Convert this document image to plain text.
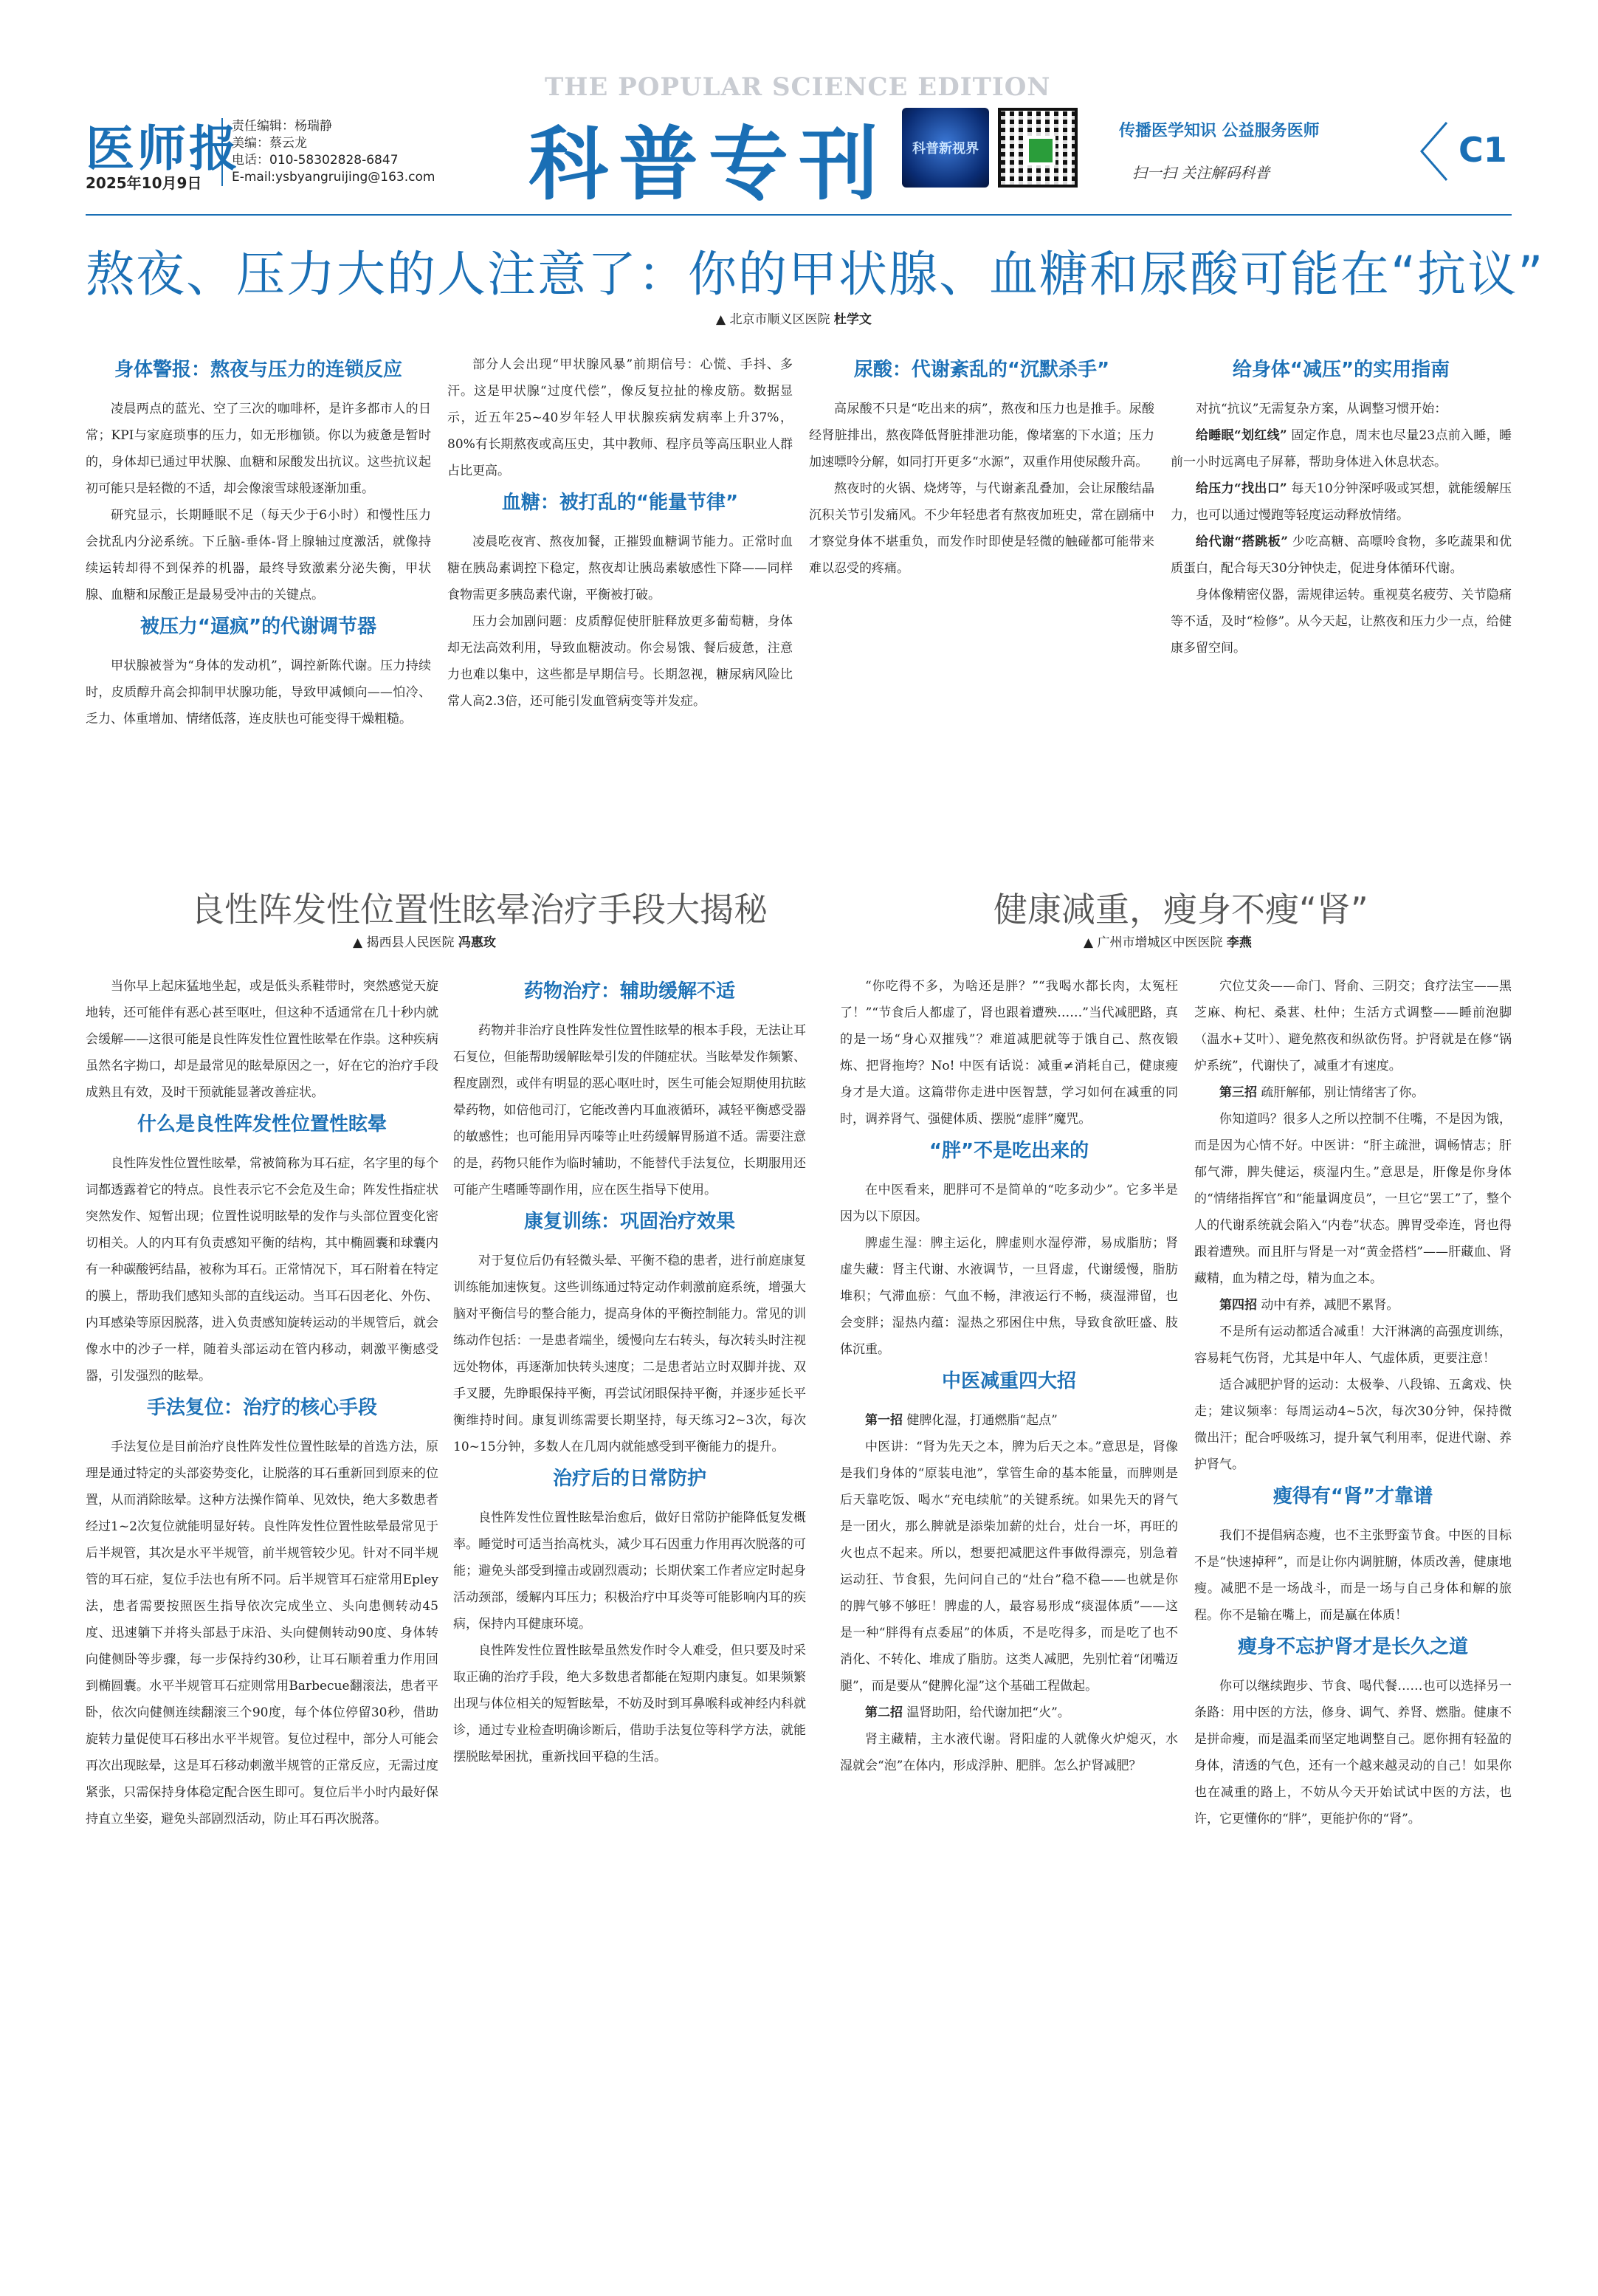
医师报
2025年10月9日
责任编辑：杨瑞静
美编：蔡云龙
电话：010-58302828-6847
E-mail:ysbyangruijing@163.com
THE POPULAR SCIENCE EDITION
科普专刊 科普新视界
传播医学知识 公益服务医师
扫一扫 关注解码科普
C1
熬夜、压力大的人注意了：你的甲状腺、血糖和尿酸可能在“抗议”
▲ 北京市顺义区医院 杜学文
身体警报：熬夜与压力的连锁反应

凌晨两点的蓝光、空了三次的咖啡杯，是许多都市人的日常；KPI与家庭琐事的压力，如无形枷锁。你以为疲惫是暂时的，身体却已通过甲状腺、血糖和尿酸发出抗议。这些抗议起初可能只是轻微的不适，却会像滚雪球般逐渐加重。

研究显示，长期睡眠不足（每天少于6小时）和慢性压力会扰乱内分泌系统。下丘脑-垂体-肾上腺轴过度激活，就像持续运转却得不到保养的机器，最终导致激素分泌失衡，甲状腺、血糖和尿酸正是最易受冲击的关键点。

被压力“逼疯”的代谢调节器

甲状腺被誉为“身体的发动机”，调控新陈代谢。压力持续时，皮质醇升高会抑制甲状腺功能，导致甲减倾向——怕冷、乏力、体重增加、情绪低落，连皮肤也可能变得干燥粗糙。

部分人会出现“甲状腺风暴”前期信号：心慌、手抖、多汗。这是甲状腺“过度代偿”，像反复拉扯的橡皮筋。数据显示，近五年25~40岁年轻人甲状腺疾病发病率上升37%，80%有长期熬夜或高压史，其中教师、程序员等高压职业人群占比更高。

血糖：被打乱的“能量节律”

凌晨吃夜宵、熬夜加餐，正摧毁血糖调节能力。正常时血糖在胰岛素调控下稳定，熬夜却让胰岛素敏感性下降——同样食物需更多胰岛素代谢，平衡被打破。

压力会加剧问题：皮质醇促使肝脏释放更多葡萄糖，身体却无法高效利用，导致血糖波动。你会易饿、餐后疲惫，注意力也难以集中，这些都是早期信号。长期忽视，糖尿病风险比常人高2.3倍，还可能引发血管病变等并发症。

尿酸：代谢紊乱的“沉默杀手”

高尿酸不只是“吃出来的病”，熬夜和压力也是推手。尿酸经肾脏排出，熬夜降低肾脏排泄功能，像堵塞的下水道；压力加速嘌呤分解，如同打开更多“水源”，双重作用使尿酸升高。

熬夜时的火锅、烧烤等，与代谢紊乱叠加，会让尿酸结晶沉积关节引发痛风。不少年轻患者有熬夜加班史，常在剧痛中才察觉身体不堪重负，而发作时即使是轻微的触碰都可能带来难以忍受的疼痛。

给身体“减压”的实用指南

对抗“抗议”无需复杂方案，从调整习惯开始：

给睡眠“划红线” 固定作息，周末也尽量23点前入睡，睡前一小时远离电子屏幕，帮助身体进入休息状态。

给压力“找出口” 每天10分钟深呼吸或冥想，就能缓解压力，也可以通过慢跑等轻度运动释放情绪。

给代谢“搭跳板” 少吃高糖、高嘌呤食物，多吃蔬果和优质蛋白，配合每天30分钟快走，促进身体循环代谢。

身体像精密仪器，需规律运转。重视莫名疲劳、关节隐痛等不适，及时“检修”。从今天起，让熬夜和压力少一点，给健康多留空间。

良性阵发性位置性眩晕治疗手段大揭秘
▲ 揭西县人民医院 冯惠玫

当你早上起床猛地坐起，或是低头系鞋带时，突然感觉天旋地转，还可能伴有恶心甚至呕吐，但这种不适通常在几十秒内就会缓解——这很可能是良性阵发性位置性眩晕在作祟。这种疾病虽然名字拗口，却是最常见的眩晕原因之一，好在它的治疗手段成熟且有效，及时干预就能显著改善症状。

什么是良性阵发性位置性眩晕

良性阵发性位置性眩晕，常被简称为耳石症，名字里的每个词都透露着它的特点。良性表示它不会危及生命；阵发性指症状突然发作、短暂出现；位置性说明眩晕的发作与头部位置变化密切相关。人的内耳有负责感知平衡的结构，其中椭圆囊和球囊内有一种碳酸钙结晶，被称为耳石。正常情况下，耳石附着在特定的膜上，帮助我们感知头部的直线运动。当耳石因老化、外伤、内耳感染等原因脱落，进入负责感知旋转运动的半规管后，就会像水中的沙子一样，随着头部运动在管内移动，刺激平衡感受器，引发强烈的眩晕。

手法复位：治疗的核心手段

手法复位是目前治疗良性阵发性位置性眩晕的首选方法，原理是通过特定的头部姿势变化，让脱落的耳石重新回到原来的位置，从而消除眩晕。这种方法操作简单、见效快，绝大多数患者经过1~2次复位就能明显好转。良性阵发性位置性眩晕最常见于后半规管，其次是水平半规管，前半规管较少见。针对不同半规管的耳石症，复位手法也有所不同。后半规管耳石症常用Epley法，患者需要按照医生指导依次完成坐立、头向患侧转动45度、迅速躺下并将头部悬于床沿、头向健侧转动90度、身体转向健侧卧等步骤，每一步保持约30秒，让耳石顺着重力作用回到椭圆囊。水平半规管耳石症则常用Barbecue翻滚法，患者平卧，依次向健侧连续翻滚三个90度，每个体位停留30秒，借助旋转力量促使耳石移出水平半规管。复位过程中，部分人可能会再次出现眩晕，这是耳石移动刺激半规管的正常反应，无需过度紧张，只需保持身体稳定配合医生即可。复位后半小时内最好保持直立坐姿，避免头部剧烈活动，防止耳石再次脱落。

药物治疗：辅助缓解不适

药物并非治疗良性阵发性位置性眩晕的根本手段，无法让耳石复位，但能帮助缓解眩晕引发的伴随症状。当眩晕发作频繁、程度剧烈，或伴有明显的恶心呕吐时，医生可能会短期使用抗眩晕药物，如倍他司汀，它能改善内耳血液循环，减轻平衡感受器的敏感性；也可能用异丙嗪等止吐药缓解胃肠道不适。需要注意的是，药物只能作为临时辅助，不能替代手法复位，长期服用还可能产生嗜睡等副作用，应在医生指导下使用。

康复训练：巩固治疗效果

对于复位后仍有轻微头晕、平衡不稳的患者，进行前庭康复训练能加速恢复。这些训练通过特定动作刺激前庭系统，增强大脑对平衡信号的整合能力，提高身体的平衡控制能力。常见的训练动作包括：一是患者端坐，缓慢向左右转头，每次转头时注视远处物体，再逐渐加快转头速度；二是患者站立时双脚并拢、双手叉腰，先睁眼保持平衡，再尝试闭眼保持平衡，并逐步延长平衡维持时间。康复训练需要长期坚持，每天练习2~3次，每次10~15分钟，多数人在几周内就能感受到平衡能力的提升。

治疗后的日常防护

良性阵发性位置性眩晕治愈后，做好日常防护能降低复发概率。睡觉时可适当抬高枕头，减少耳石因重力作用再次脱落的可能；避免头部受到撞击或剧烈震动；长期伏案工作者应定时起身活动颈部，缓解内耳压力；积极治疗中耳炎等可能影响内耳的疾病，保持内耳健康环境。

良性阵发性位置性眩晕虽然发作时令人难受，但只要及时采取正确的治疗手段，绝大多数患者都能在短期内康复。如果频繁出现与体位相关的短暂眩晕，不妨及时到耳鼻喉科或神经内科就诊，通过专业检查明确诊断后，借助手法复位等科学方法，就能摆脱眩晕困扰，重新找回平稳的生活。

健康减重，瘦身不瘦“肾”
▲ 广州市增城区中医医院 李燕

“你吃得不多，为啥还是胖？”“我喝水都长肉，太冤枉了！”“节食后人都虚了，肾也跟着遭殃……”当代减肥路，真的是一场“身心双摧残”？难道减肥就等于饿自己、熬夜锻炼、把肾拖垮？No! 中医有话说：减重≠消耗自己，健康瘦身才是大道。这篇带你走进中医智慧，学习如何在减重的同时，调养肾气、强健体质、摆脱“虚胖”魔咒。

“胖”不是吃出来的

在中医看来，肥胖可不是简单的“吃多动少”。它多半是因为以下原因。

脾虚生湿：脾主运化，脾虚则水湿停滞，易成脂肪；肾虚失藏：肾主代谢、水液调节，一旦肾虚，代谢缓慢，脂肪堆积；气滞血瘀：气血不畅，津液运行不畅，痰湿滞留，也会变胖；湿热内蕴：湿热之邪困住中焦，导致食欲旺盛、肢体沉重。

中医减重四大招

第一招 健脾化湿，打通燃脂“起点”

中医讲：“肾为先天之本，脾为后天之本。”意思是，肾像是我们身体的“原装电池”，掌管生命的基本能量，而脾则是后天靠吃饭、喝水“充电续航”的关键系统。如果先天的肾气是一团火，那么脾就是添柴加薪的灶台，灶台一坏，再旺的火也点不起来。所以，想要把减肥这件事做得漂亮，别急着运动狂、节食狠，先问问自己的“灶台”稳不稳——也就是你的脾气够不够旺！脾虚的人，最容易形成“痰湿体质”——这是一种“胖得有点委屈”的体质，不是吃得多，而是吃了也不消化、不转化、堆成了脂肪。这类人减肥，先别忙着“闭嘴迈腿”，而是要从“健脾化湿”这个基础工程做起。

第二招 温肾助阳，给代谢加把“火”。

肾主藏精，主水液代谢。肾阳虚的人就像火炉熄灭，水湿就会“泡”在体内，形成浮肿、肥胖。怎么护肾减肥？

穴位艾灸——命门、肾俞、三阴交；食疗法宝——黑芝麻、枸杞、桑葚、杜仲；生活方式调整——睡前泡脚（温水+艾叶）、避免熬夜和纵欲伤肾。护肾就是在修“锅炉系统”，代谢快了，减重才有速度。

第三招 疏肝解郁，别让情绪害了你。

你知道吗？很多人之所以控制不住嘴，不是因为饿，而是因为心情不好。中医讲：“肝主疏泄，调畅情志；肝郁气滞，脾失健运，痰湿内生。”意思是，肝像是你身体的“情绪指挥官”和“能量调度员”，一旦它“罢工”了，整个人的代谢系统就会陷入“内卷”状态。脾胃受牵连，肾也得跟着遭殃。而且肝与肾是一对“黄金搭档”——肝藏血、肾藏精，血为精之母，精为血之本。

第四招 动中有养，减肥不累肾。

不是所有运动都适合减重！大汗淋漓的高强度训练，容易耗气伤肾，尤其是中年人、气虚体质，更要注意！

适合减肥护肾的运动：太极拳、八段锦、五禽戏、快走；建议频率：每周运动4~5次，每次30分钟，保持微微出汗；配合呼吸练习，提升氧气利用率，促进代谢、养护肾气。

瘦得有“肾”才靠谱

我们不提倡病态瘦，也不主张野蛮节食。中医的目标不是“快速掉秤”，而是让你内调脏腑，体质改善，健康地瘦。减肥不是一场战斗，而是一场与自己身体和解的旅程。你不是输在嘴上，而是赢在体质！

瘦身不忘护肾才是长久之道

你可以继续跑步、节食、喝代餐……也可以选择另一条路：用中医的方法，修身、调气、养肾、燃脂。健康不是拼命瘦，而是温柔而坚定地调整自己。愿你拥有轻盈的身体，清透的气色，还有一个越来越灵动的自己！如果你也在减重的路上，不妨从今天开始试试中医的方法，也许，它更懂你的“胖”，更能护你的“肾”。
